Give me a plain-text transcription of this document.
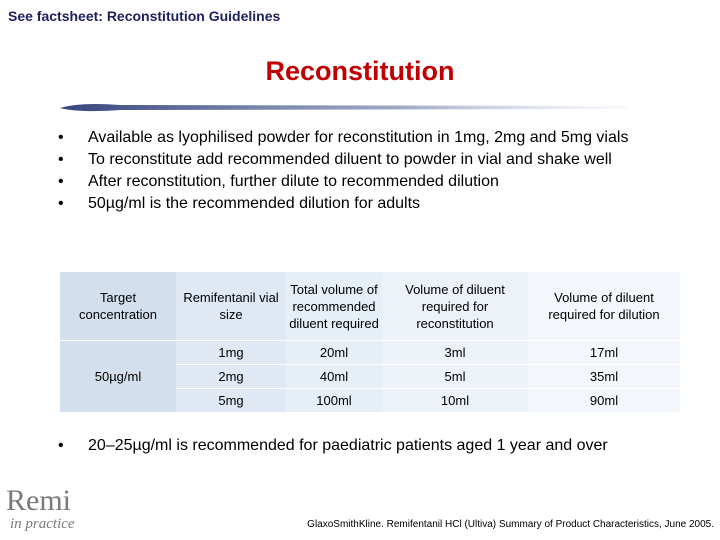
See factsheet: Reconstitution Guidelines
Reconstitution
• Available as lyophilised powder for reconstitution in 1mg, 2mg and 5mg vials
• To reconstitute add recommended diluent to powder in vial and shake well
• After reconstitution, further dilute to recommended dilution
• 50µg/ml is the recommended dilution for adults
Target concentration	Remifentanil vial size	Total volume of recommended diluent required	Volume of diluent required for reconstitution	Volume of diluent required for dilution
50µg/ml	1mg	20ml	3ml	17ml
	2mg	40ml	5ml	35ml
	5mg	100ml	10ml	90ml
• 20–25µg/ml is recommended for paediatric patients aged 1 year and over
Remi
in practice	GlaxoSmithKline. Remifentanil HCl (Ultiva) Summary of Product Characteristics, June 2005.
